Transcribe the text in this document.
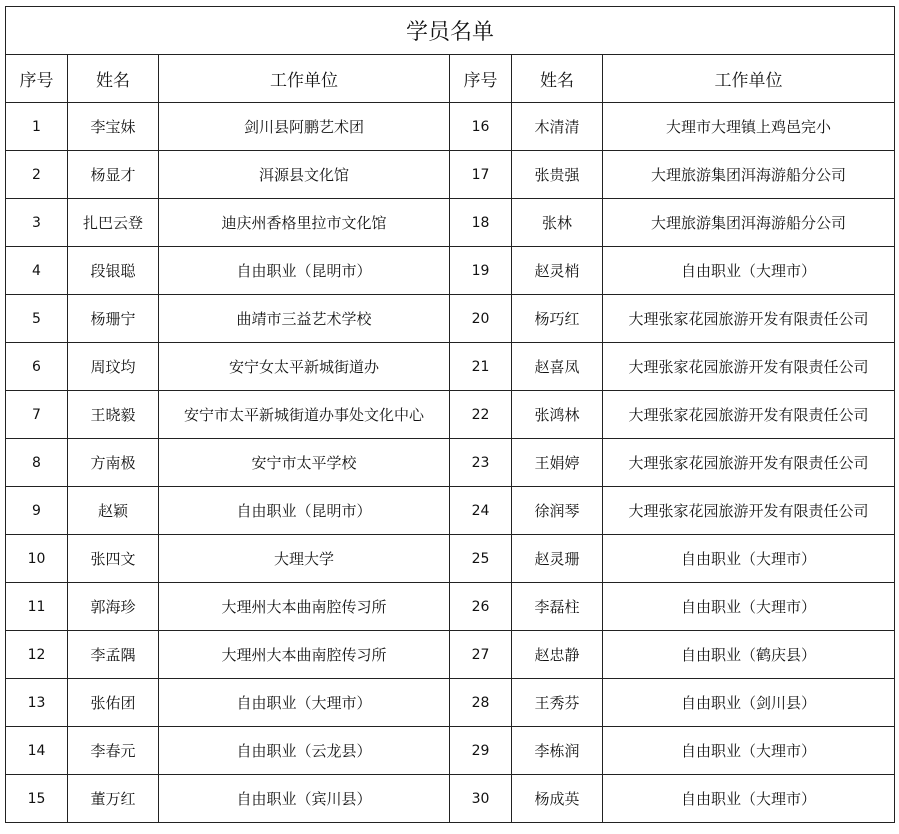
学员名单					
序号	姓名	工作单位	序号	姓名	工作单位
1	李宝妹	剑川县阿鹏艺术团	16	木清清	大理市大理镇上鸡邑完小
2	杨显才	洱源县文化馆	17	张贵强	大理旅游集团洱海游船分公司
3	扎巴云登	迪庆州香格里拉市文化馆	18	张林	大理旅游集团洱海游船分公司
4	段银聪	自由职业（昆明市）	19	赵灵梢	自由职业（大理市）
5	杨珊宁	曲靖市三益艺术学校	20	杨巧红	大理张家花园旅游开发有限责任公司
6	周玟均	安宁女太平新城街道办	21	赵喜凤	大理张家花园旅游开发有限责任公司
7	王晓毅	安宁市太平新城街道办事处文化中心	22	张鸿林	大理张家花园旅游开发有限责任公司
8	方南极	安宁市太平学校	23	王娟婷	大理张家花园旅游开发有限责任公司
9	赵颖	自由职业（昆明市）	24	徐润琴	大理张家花园旅游开发有限责任公司
10	张四文	大理大学	25	赵灵珊	自由职业（大理市）
11	郭海珍	大理州大本曲南腔传习所	26	李磊柱	自由职业（大理市）
12	李孟隅	大理州大本曲南腔传习所	27	赵忠静	自由职业（鹤庆县）
13	张佑团	自由职业（大理市）	28	王秀芬	自由职业（剑川县）
14	李春元	自由职业（云龙县）	29	李栋润	自由职业（大理市）
15	董万红	自由职业（宾川县）	30	杨成英	自由职业（大理市）
